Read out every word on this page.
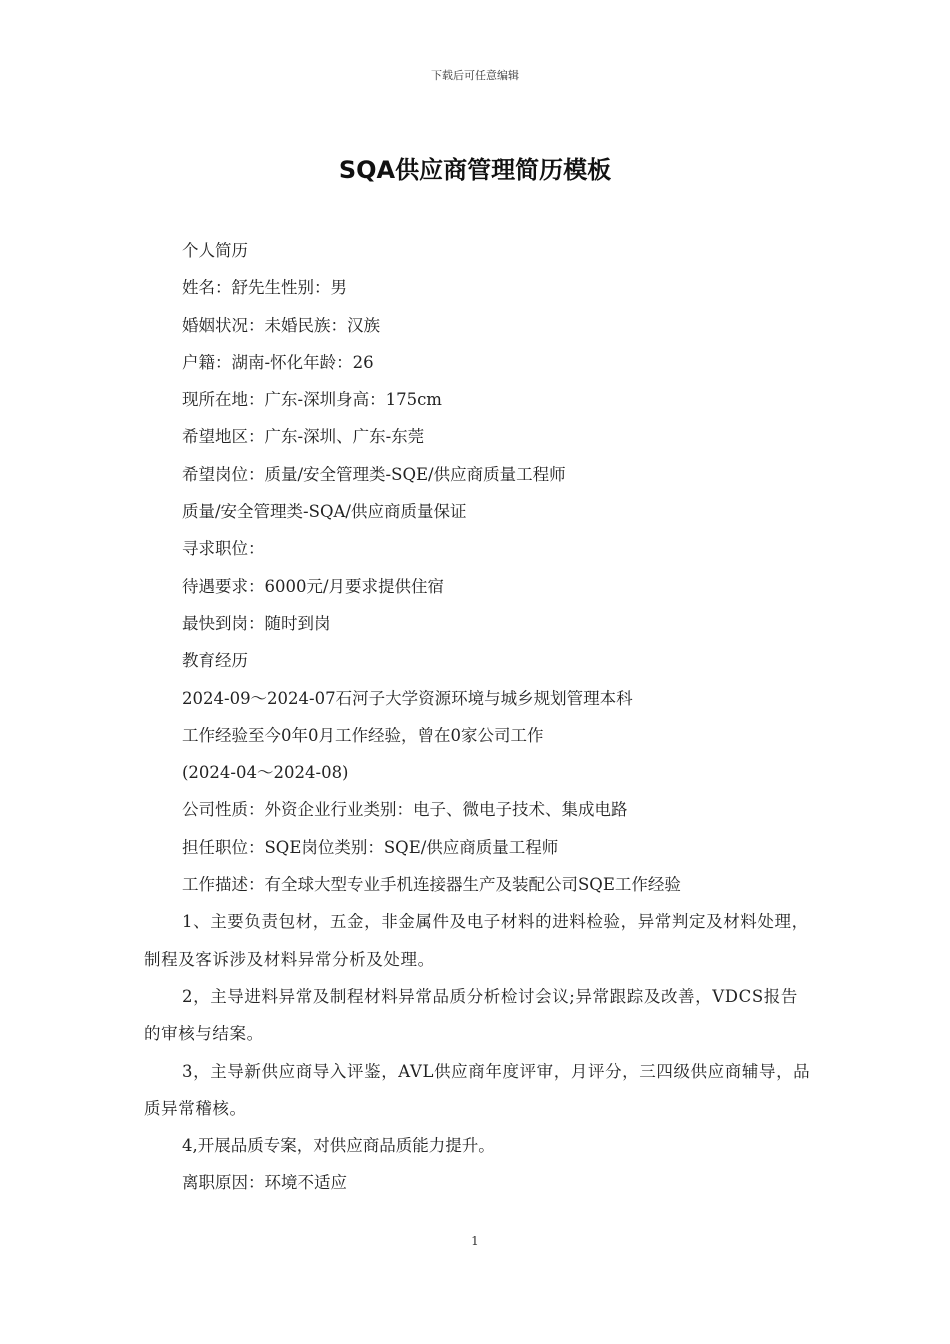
下载后可任意编辑
SQA供应商管理简历模板
个人简历
姓名：舒先生性别：男
婚姻状况：未婚民族：汉族
户籍：湖南-怀化年龄：26
现所在地：广东-深圳身高：175cm
希望地区：广东-深圳、广东-东莞
希望岗位：质量/安全管理类-SQE/供应商质量工程师
质量/安全管理类-SQA/供应商质量保证
寻求职位：
待遇要求：6000元/月要求提供住宿
最快到岗：随时到岗
教育经历
2024-09～2024-07石河子大学资源环境与城乡规划管理本科
工作经验至今0年0月工作经验，曾在0家公司工作
(2024-04～2024-08)
公司性质：外资企业行业类别：电子、微电子技术、集成电路
担任职位：SQE岗位类别：SQE/供应商质量工程师
工作描述：有全球大型专业手机连接器生产及装配公司SQE工作经验
1、主要负责包材，五金，非金属件及电子材料的进料检验，异常判定及材料处理，制程及客诉涉及材料异常分析及处理。
2，主导进料异常及制程材料异常品质分析检讨会议;异常跟踪及改善，VDCS报告的审核与结案。
3，主导新供应商导入评鉴，AVL供应商年度评审，月评分，三四级供应商辅导，品质异常稽核。
4,开展品质专案，对供应商品质能力提升。
离职原因：环境不适应
1
